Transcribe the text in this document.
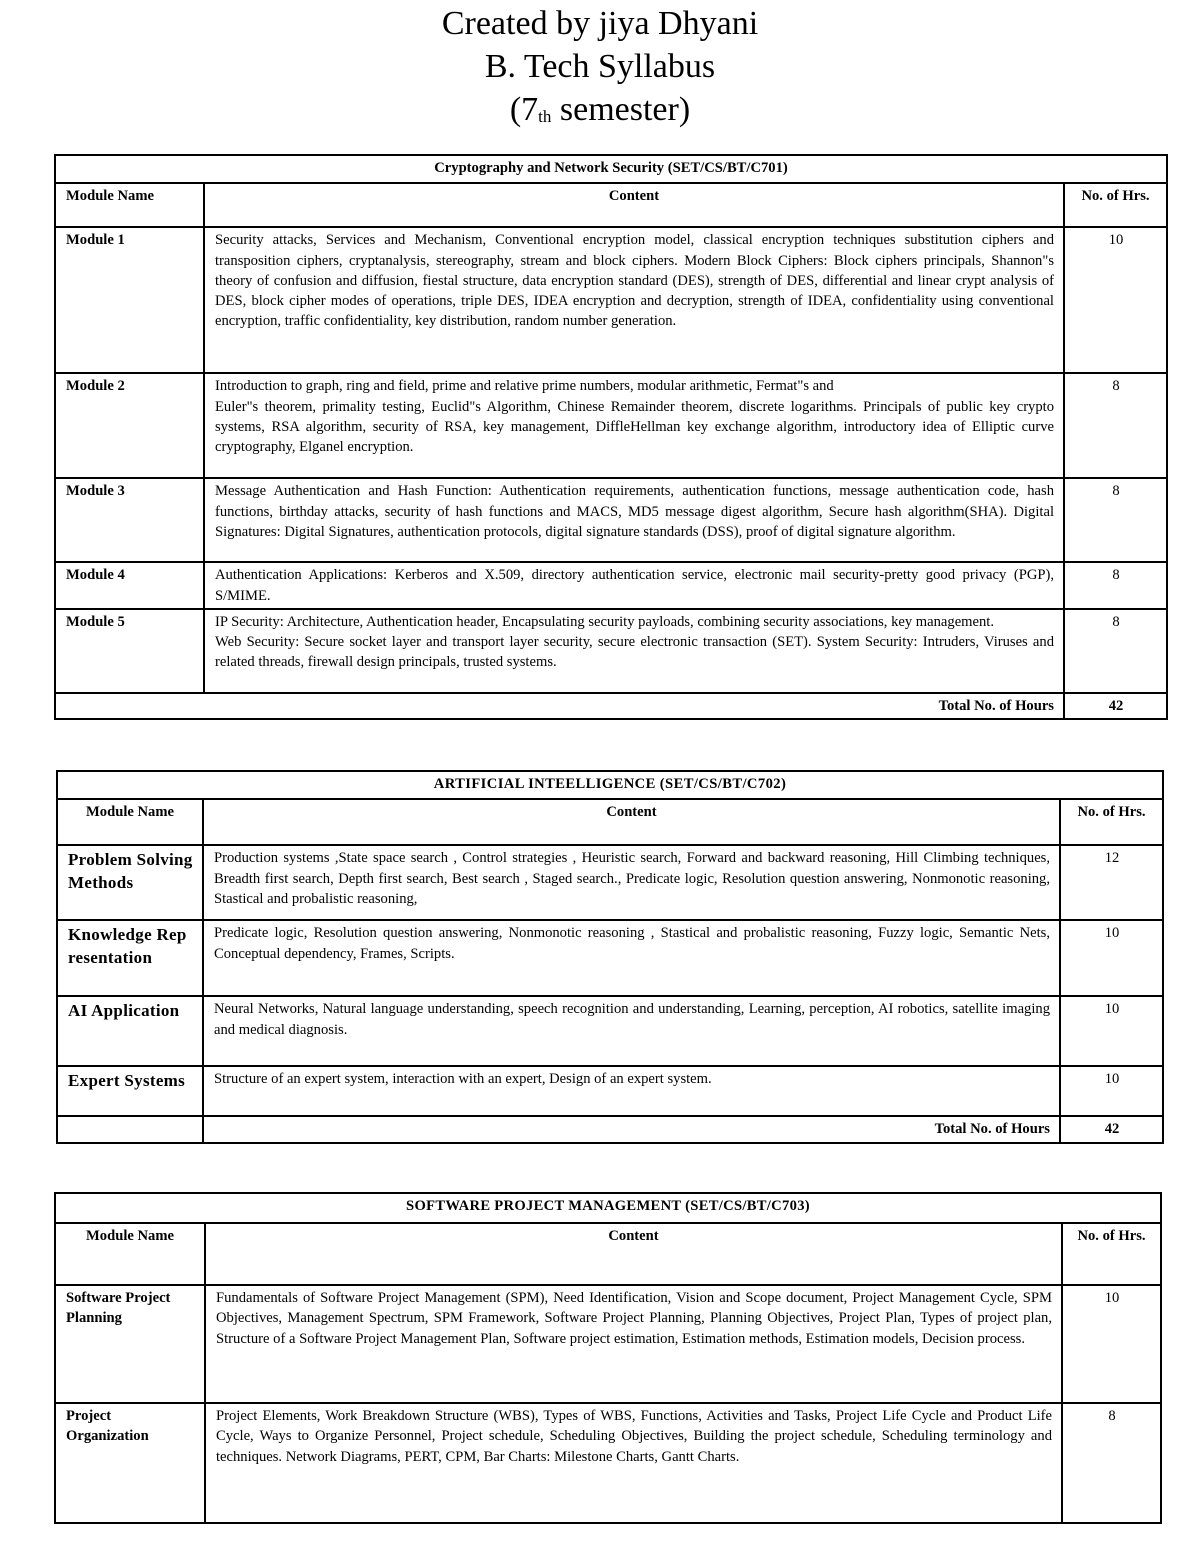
Created by jiya Dhyani
B. Tech Syllabus
($7_{th}$ semester)
Cryptography and Network Security (SET/CS/BT/C701)		
Module Name	Content	No. of Hrs.
Module 1	Security attacks, Services and Mechanism, Conventional encryption model, classical encryption techniques substitution ciphers and transposition ciphers, cryptanalysis, stereography, stream and block ciphers. Modern Block Ciphers: Block ciphers principals, Shannon"s theory of confusion and diffusion, fiestal structure, data encryption standard (DES), strength of DES, differential and linear crypt analysis of DES, block cipher modes of operations, triple DES, IDEA encryption and decryption, strength of IDEA, confidentiality using conventional encryption, traffic confidentiality, key distribution, random number generation.	10
Module 2	Introduction to graph, ring and field, prime and relative prime numbers, modular arithmetic, Fermat"s and
Euler"s theorem, primality testing, Euclid"s Algorithm, Chinese Remainder theorem, discrete logarithms. Principals of public key crypto systems, RSA algorithm, security of RSA, key management, DiffleHellman key exchange algorithm, introductory idea of Elliptic curve cryptography, Elganel encryption.	8
Module 3	Message Authentication and Hash Function: Authentication requirements, authentication functions, message authentication code, hash functions, birthday attacks, security of hash functions and MACS, MD5 message digest algorithm, Secure hash algorithm(SHA). Digital Signatures: Digital Signatures, authentication protocols, digital signature standards (DSS), proof of digital signature algorithm.	8
Module 4	Authentication Applications: Kerberos and X.509, directory authentication service, electronic mail security-pretty good privacy (PGP), S/MIME.	8
Module 5	IP Security: Architecture, Authentication header, Encapsulating security payloads, combining security associations, key management.
Web Security: Secure socket layer and transport layer security, secure electronic transaction (SET). System Security: Intruders, Viruses and related threads, firewall design principals, trusted systems.	8
Total No. of Hours		42
ARTIFICIAL INTEELLIGENCE (SET/CS/BT/C702)		
Module Name	Content	No. of Hrs.
Problem Solving Methods	Production systems ,State space search , Control strategies , Heuristic search, Forward and backward reasoning, Hill Climbing techniques, Breadth first search, Depth first search, Best search , Staged search., Predicate logic, Resolution question answering, Nonmonotic reasoning, Stastical and probalistic reasoning,	12
Knowledge Representation	Predicate logic, Resolution question answering, Nonmonotic reasoning , Stastical and probalistic reasoning, Fuzzy logic, Semantic Nets, Conceptual dependency, Frames, Scripts.	10
AI Application	Neural Networks, Natural language understanding, speech recognition and understanding, Learning, perception, AI robotics, satellite imaging and medical diagnosis.	10
Expert Systems	Structure of an expert system, interaction with an expert, Design of an expert system.	10
	Total No. of Hours	42
SOFTWARE PROJECT MANAGEMENT (SET/CS/BT/C703)		
Module Name	Content	No. of Hrs.
Software Project Planning	Fundamentals of Software Project Management (SPM), Need Identification, Vision and Scope document, Project Management Cycle, SPM Objectives, Management Spectrum, SPM Framework, Software Project Planning, Planning Objectives, Project Plan, Types of project plan, Structure of a Software Project Management Plan, Software project estimation, Estimation methods, Estimation models, Decision process.	10
Project Organization	Project Elements, Work Breakdown Structure (WBS), Types of WBS, Functions, Activities and Tasks, Project Life Cycle and Product Life Cycle, Ways to Organize Personnel, Project schedule, Scheduling Objectives, Building the project schedule, Scheduling terminology and techniques. Network Diagrams, PERT, CPM, Bar Charts: Milestone Charts, Gantt Charts.	8
